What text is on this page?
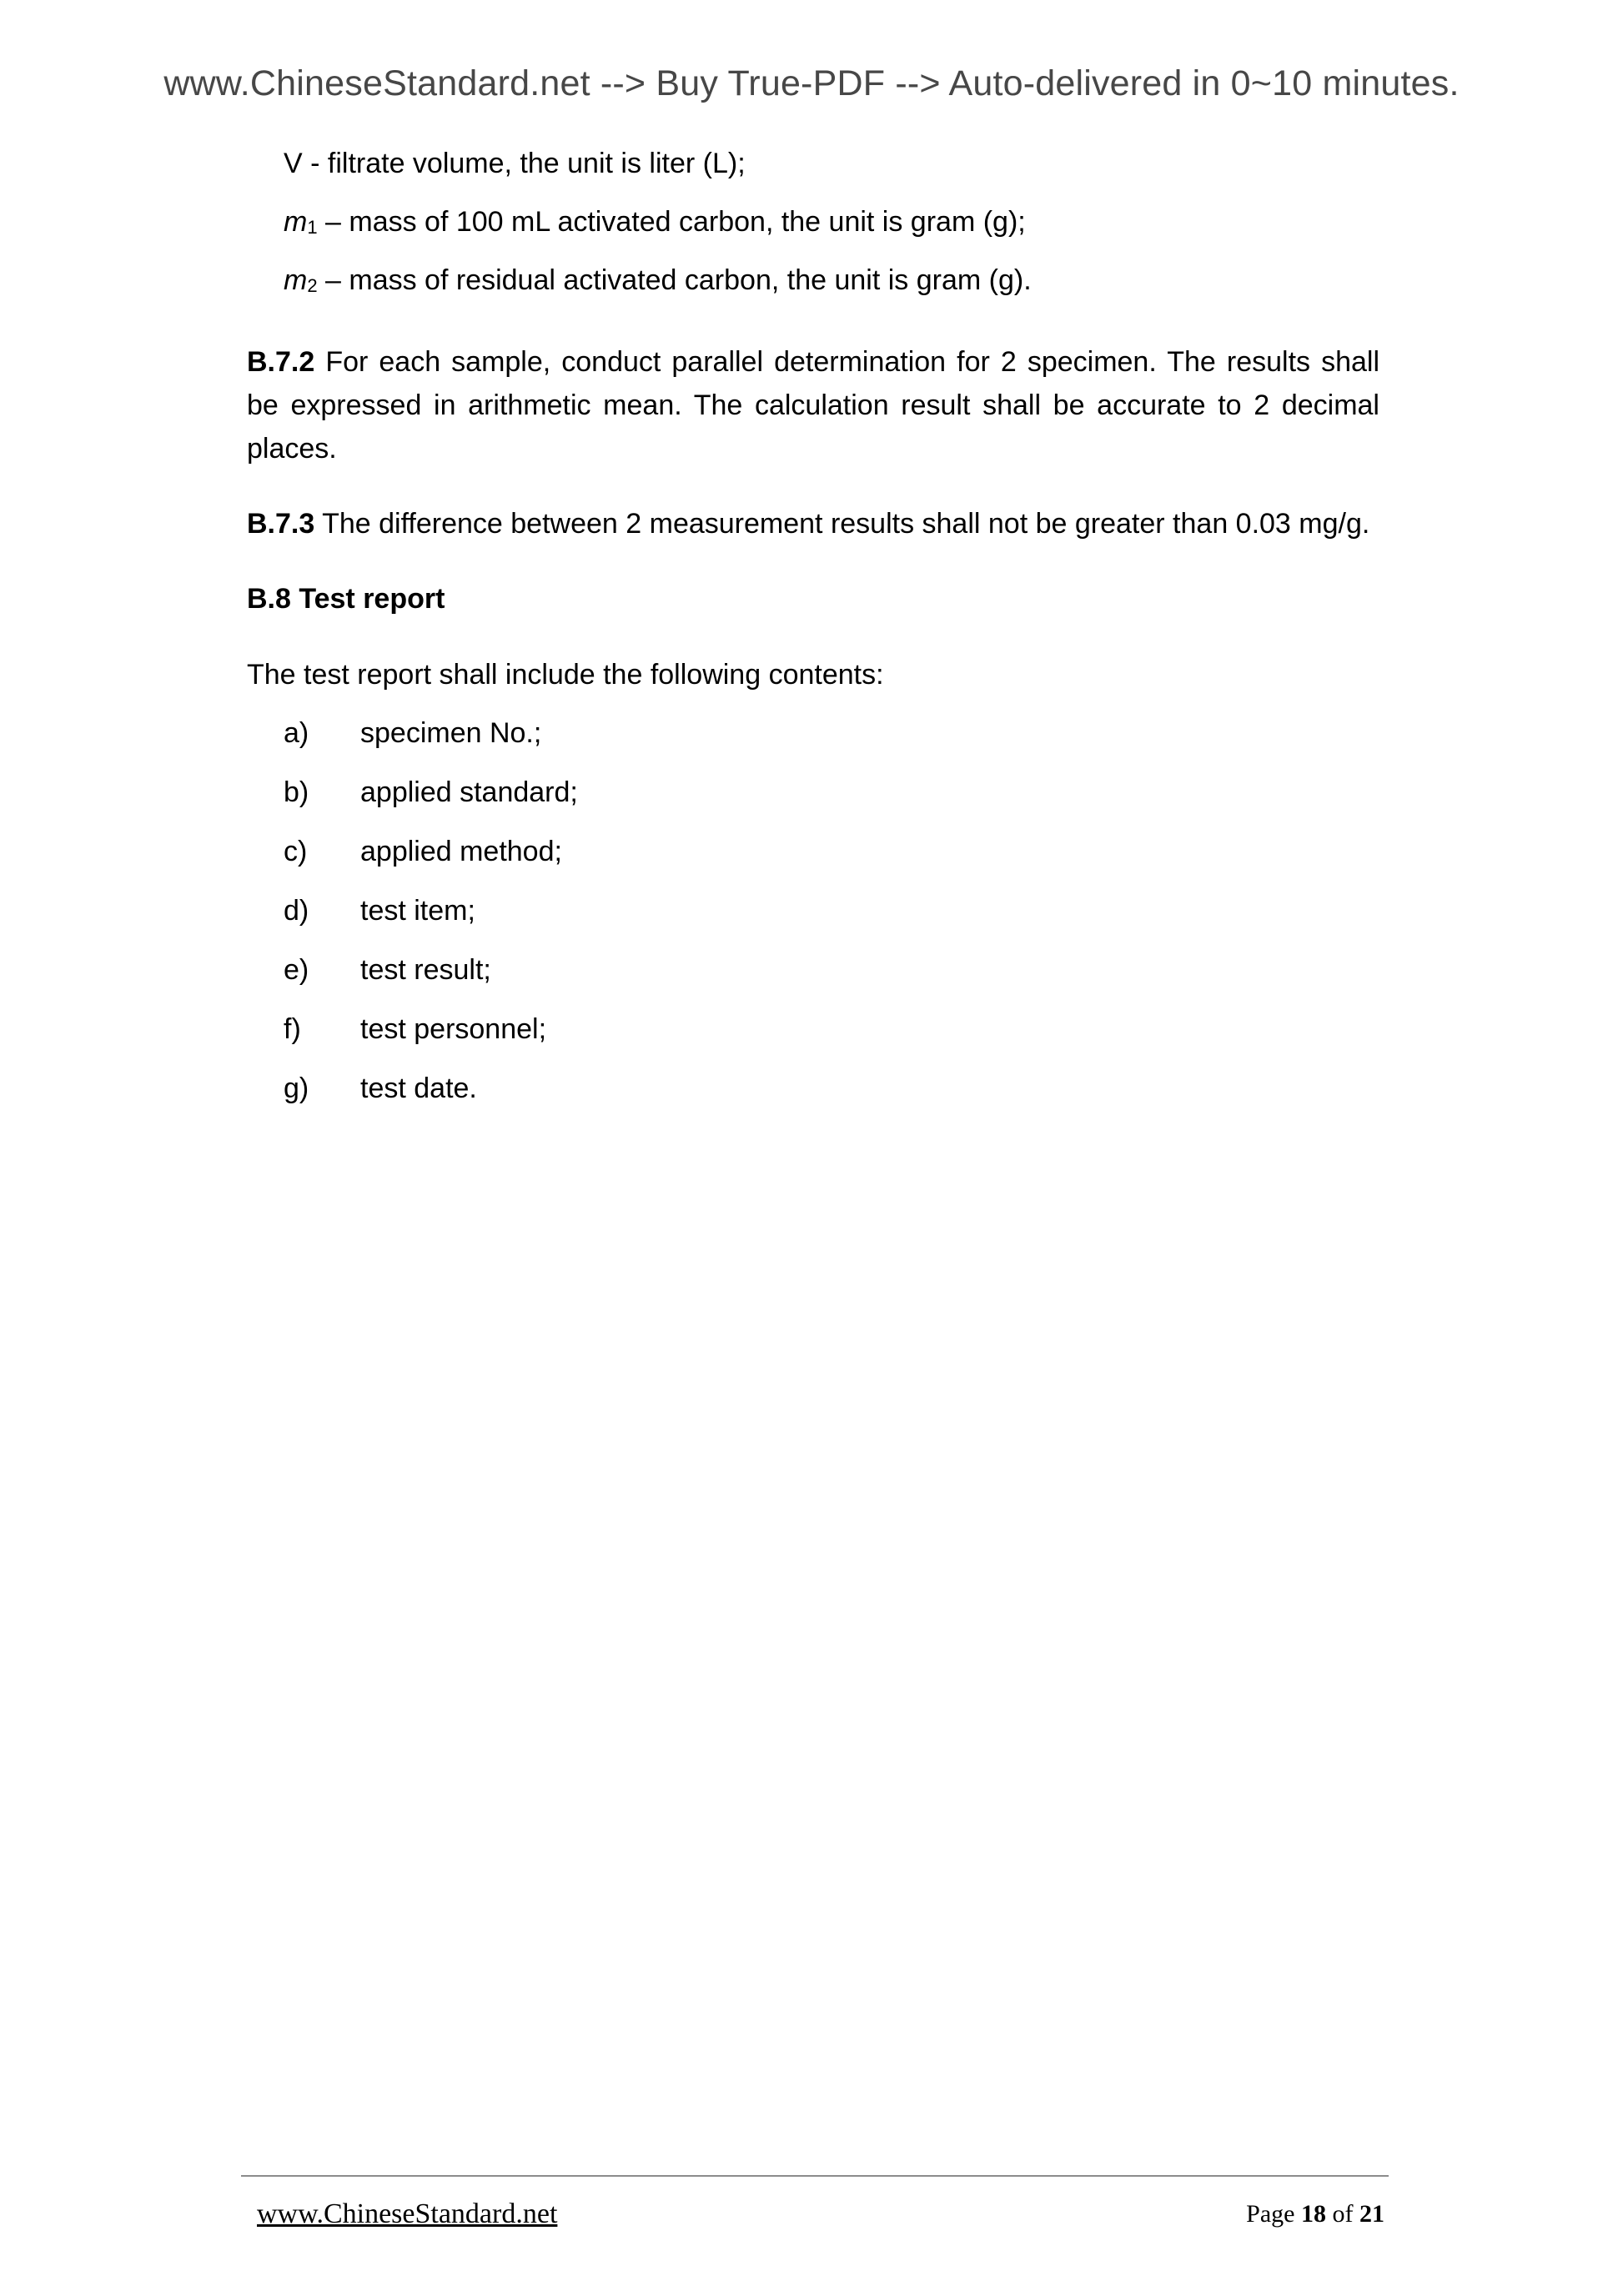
www.ChineseStandard.net --> Buy True-PDF --> Auto-delivered in 0~10 minutes.
V - filtrate volume, the unit is liter (L);
m1 – mass of 100 mL activated carbon, the unit is gram (g);
m2 – mass of residual activated carbon, the unit is gram (g).
B.7.2 For each sample, conduct parallel determination for 2 specimen. The results shall be expressed in arithmetic mean. The calculation result shall be accurate to 2 decimal places.
B.7.3 The difference between 2 measurement results shall not be greater than 0.03 mg/g.
B.8 Test report
The test report shall include the following contents:
a) specimen No.;
b) applied standard;
c) applied method;
d) test item;
e) test result;
f) test personnel;
g) test date.
www.ChineseStandard.net	Page 18 of 21
